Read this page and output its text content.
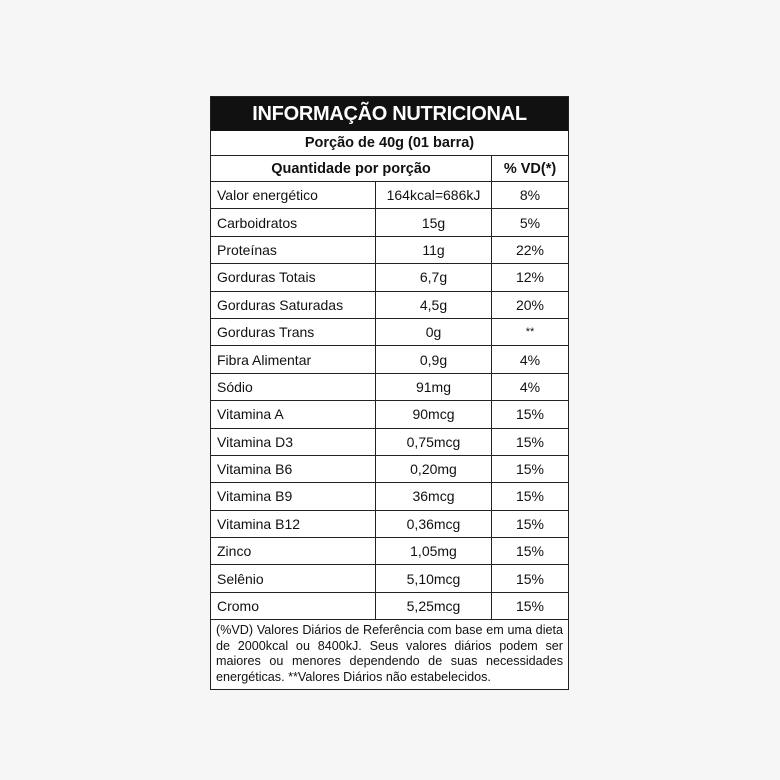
INFORMAÇÃO NUTRICIONAL
Porção de 40g (01 barra)
Quantidade por porção	% VD(*)
Valor energético	164kcal=686kJ	8%
Carboidratos	15g	5%
Proteínas	11g	22%
Gorduras Totais	6,7g	12%
Gorduras Saturadas	4,5g	20%
Gorduras Trans	0g	**
Fibra Alimentar	0,9g	4%
Sódio	91mg	4%
Vitamina A	90mcg	15%
Vitamina D3	0,75mcg	15%
Vitamina B6	0,20mg	15%
Vitamina B9	36mcg	15%
Vitamina B12	0,36mcg	15%
Zinco	1,05mg	15%
Selênio	5,10mcg	15%
Cromo	5,25mcg	15%
(%VD) Valores Diários de Referência com base em uma dieta de 2000kcal ou 8400kJ. Seus valores diários podem ser maiores ou menores dependendo de suas necessidades energéticas. **Valores Diários não estabelecidos.
